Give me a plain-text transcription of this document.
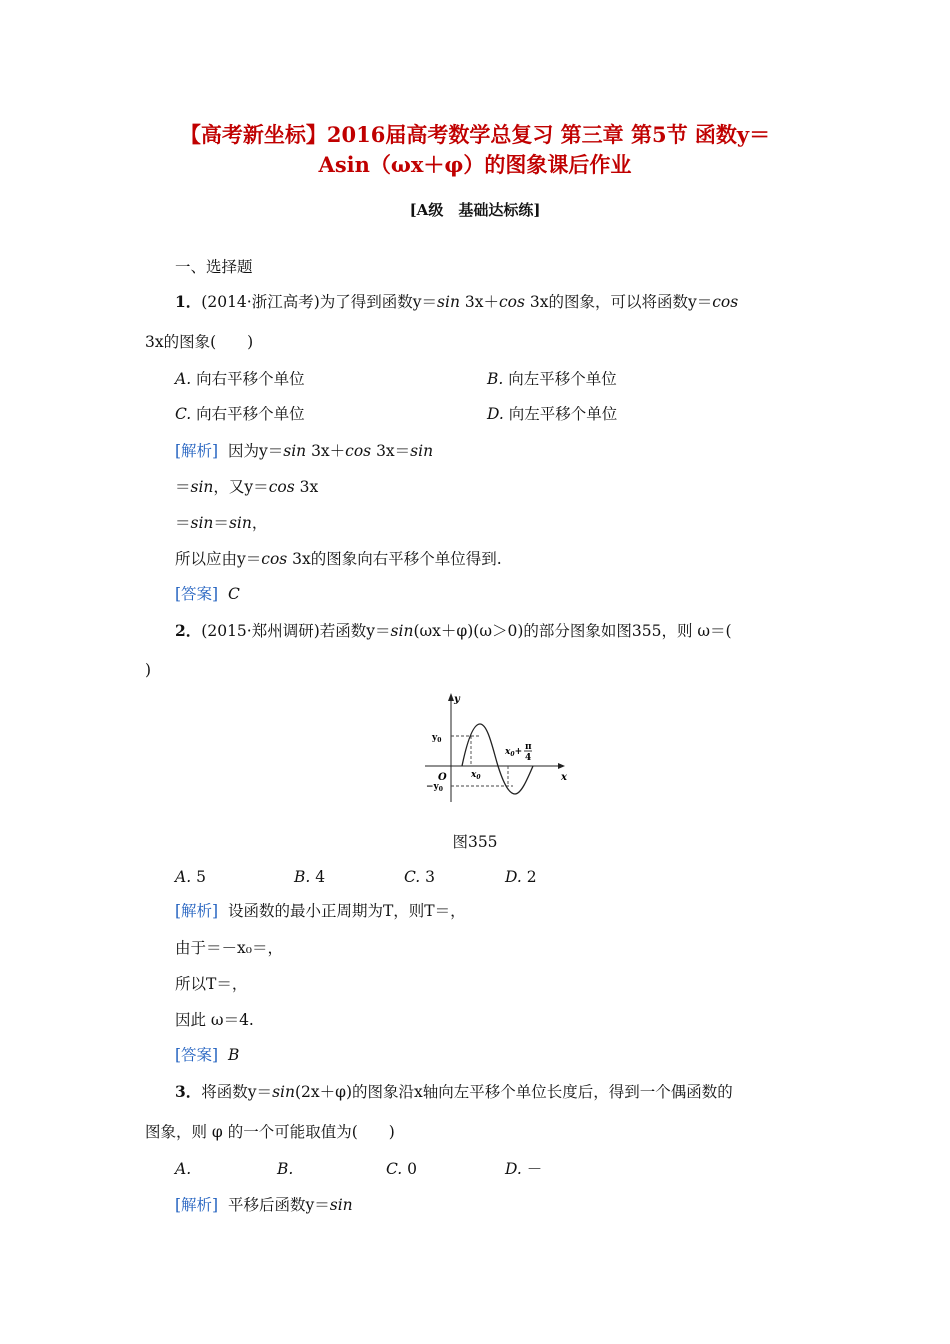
【高考新坐标】2016届高考数学总复习 第三章 第5节 函数y＝
Asin（ωx＋φ）的图象课后作业
[A级　基础达标练]
一、选择题
1．(2014·浙江高考)为了得到函数y＝sin 3x＋cos 3x的图象，可以将函数y＝cos
3x的图象(　　)
A. 向右平移个单位	B. 向左平移个单位
C. 向右平移个单位	D. 向左平移个单位
[解析] 因为y＝sin 3x＋cos 3x＝sin
＝sin，又y＝cos 3x
＝sin＝sin，
所以应由y＝cos 3x的图象向右平移个单位得到.
[答案] C
2．(2015·郑州调研)若函数y＝sin(ωx＋φ)(ω＞0)的部分图象如图355，则 ω＝(
)
y
x
O
$y_0$
$-y_0$
$x_0$
$x_0+ \pi$
4
图355
A. 5	B. 4	C. 3	D. 2
[解析] 设函数的最小正周期为T，则T＝，
由于＝－x₀＝，
所以T＝，
因此 ω＝4.
[答案] B
3．将函数y＝sin(2x＋φ)的图象沿x轴向左平移个单位长度后，得到一个偶函数的
图象，则 φ 的一个可能取值为(　　)
A.	B.	C. 0	D. －
[解析] 平移后函数y＝sin
